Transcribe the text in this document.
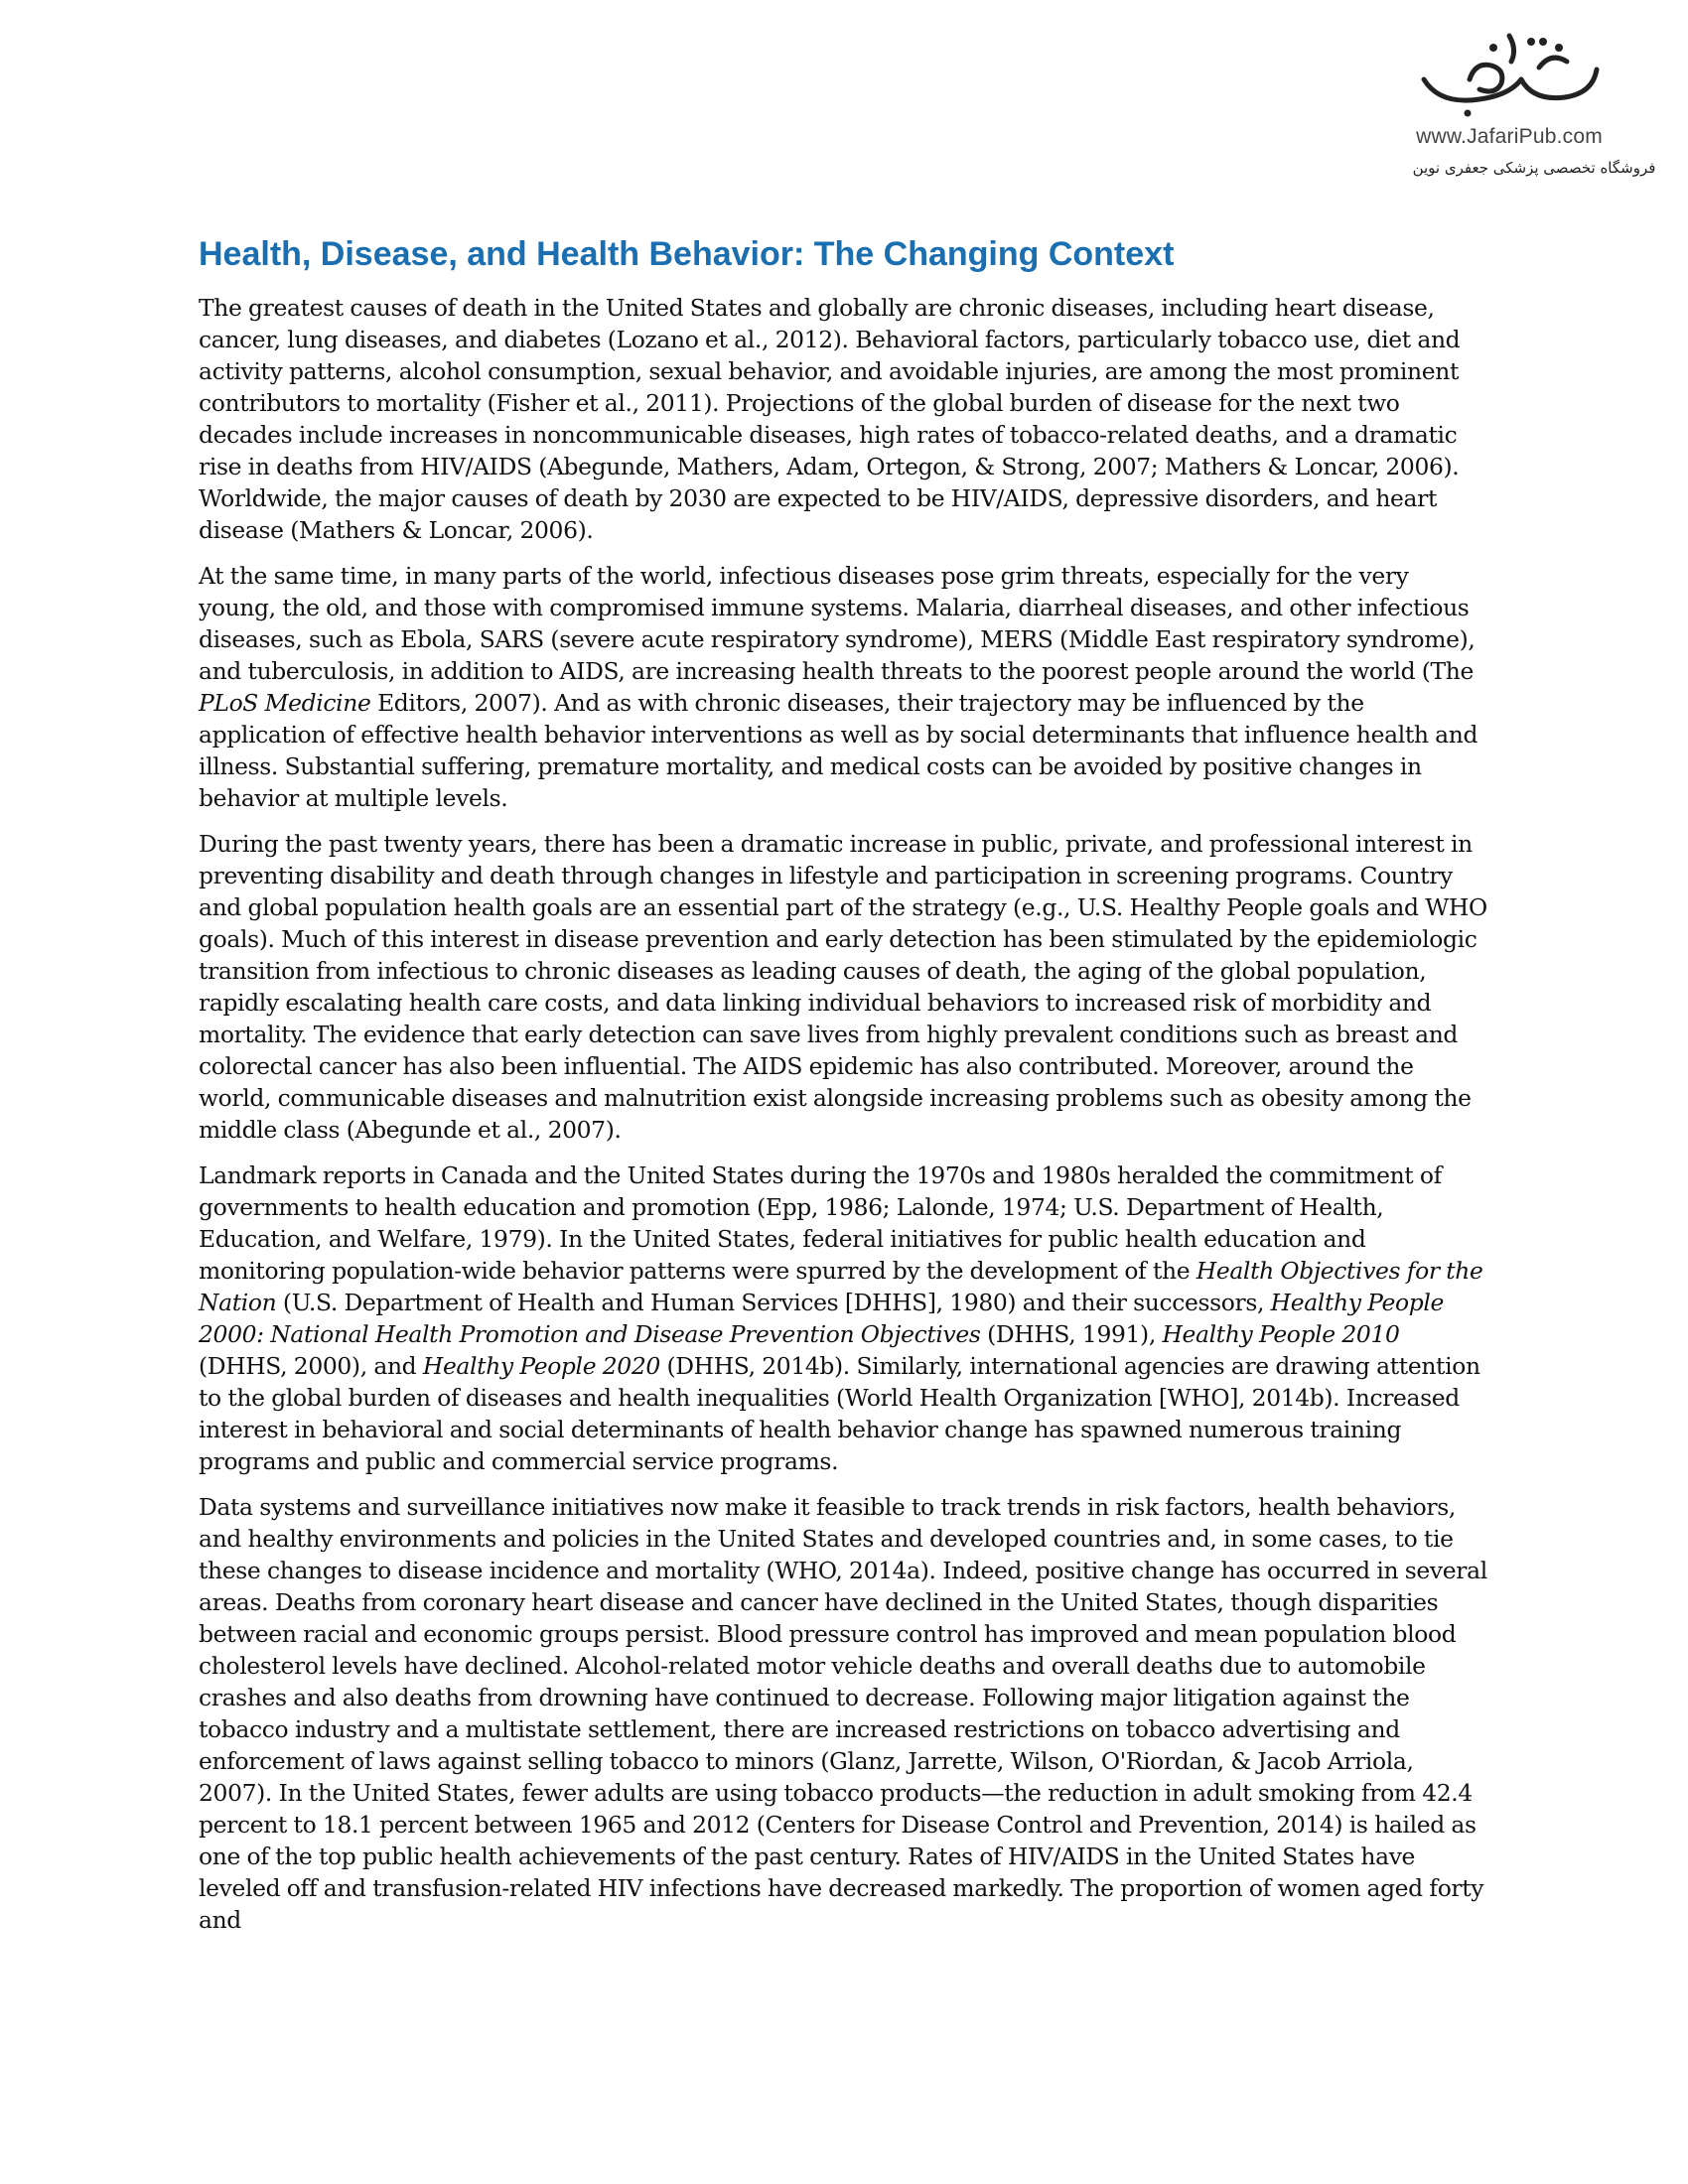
www.JafariPub.com
فروشگاه تخصصی پزشکی جعفری نوین
Health, Disease, and Health Behavior: The Changing Context

The greatest causes of death in the United States and globally are chronic diseases, including heart disease, cancer, lung diseases, and diabetes (Lozano et al., 2012). Behavioral factors, particularly tobacco use, diet and activity patterns, alcohol consumption, sexual behavior, and avoidable injuries, are among the most prominent contributors to mortality (Fisher et al., 2011). Projections of the global burden of disease for the next two decades include increases in noncommunicable diseases, high rates of tobacco-related deaths, and a dramatic rise in deaths from HIV/AIDS (Abegunde, Mathers, Adam, Ortegon, & Strong, 2007; Mathers & Loncar, 2006). Worldwide, the major causes of death by 2030 are expected to be HIV/AIDS, depressive disorders, and heart disease (Mathers & Loncar, 2006).

At the same time, in many parts of the world, infectious diseases pose grim threats, especially for the very young, the old, and those with compromised immune systems. Malaria, diarrheal diseases, and other infectious diseases, such as Ebola, SARS (severe acute respiratory syndrome), MERS (Middle East respiratory syndrome), and tuberculosis, in addition to AIDS, are increasing health threats to the poorest people around the world (The PLoS Medicine Editors, 2007). And as with chronic diseases, their trajectory may be influenced by the application of effective health behavior interventions as well as by social determinants that influence health and illness. Substantial suffering, premature mortality, and medical costs can be avoided by positive changes in behavior at multiple levels.

During the past twenty years, there has been a dramatic increase in public, private, and professional interest in preventing disability and death through changes in lifestyle and participation in screening programs. Country and global population health goals are an essential part of the strategy (e.g., U.S. Healthy People goals and WHO goals). Much of this interest in disease prevention and early detection has been stimulated by the epidemiologic transition from infectious to chronic diseases as leading causes of death, the aging of the global population, rapidly escalating health care costs, and data linking individual behaviors to increased risk of morbidity and mortality. The evidence that early detection can save lives from highly prevalent conditions such as breast and colorectal cancer has also been influential. The AIDS epidemic has also contributed. Moreover, around the world, communicable diseases and malnutrition exist alongside increasing problems such as obesity among the middle class (Abegunde et al., 2007).

Landmark reports in Canada and the United States during the 1970s and 1980s heralded the commitment of governments to health education and promotion (Epp, 1986; Lalonde, 1974; U.S. Department of Health, Education, and Welfare, 1979). In the United States, federal initiatives for public health education and monitoring population-wide behavior patterns were spurred by the development of the Health Objectives for the Nation (U.S. Department of Health and Human Services [DHHS], 1980) and their successors, Healthy People 2000: National Health Promotion and Disease Prevention Objectives (DHHS, 1991), Healthy People 2010 (DHHS, 2000), and Healthy People 2020 (DHHS, 2014b). Similarly, international agencies are drawing attention to the global burden of diseases and health inequalities (World Health Organization [WHO], 2014b). Increased interest in behavioral and social determinants of health behavior change has spawned numerous training programs and public and commercial service programs.

Data systems and surveillance initiatives now make it feasible to track trends in risk factors, health behaviors, and healthy environments and policies in the United States and developed countries and, in some cases, to tie these changes to disease incidence and mortality (WHO, 2014a). Indeed, positive change has occurred in several areas. Deaths from coronary heart disease and cancer have declined in the United States, though disparities between racial and economic groups persist. Blood pressure control has improved and mean population blood cholesterol levels have declined. Alcohol-related motor vehicle deaths and overall deaths due to automobile crashes and also deaths from drowning have continued to decrease. Following major litigation against the tobacco industry and a multistate settlement, there are increased restrictions on tobacco advertising and enforcement of laws against selling tobacco to minors (Glanz, Jarrette, Wilson, O'Riordan, & Jacob Arriola, 2007). In the United States, fewer adults are using tobacco products—the reduction in adult smoking from 42.4 percent to 18.1 percent between 1965 and 2012 (Centers for Disease Control and Prevention, 2014) is hailed as one of the top public health achievements of the past century. Rates of HIV/AIDS in the United States have leveled off and transfusion-related HIV infections have decreased markedly. The proportion of women aged forty and
